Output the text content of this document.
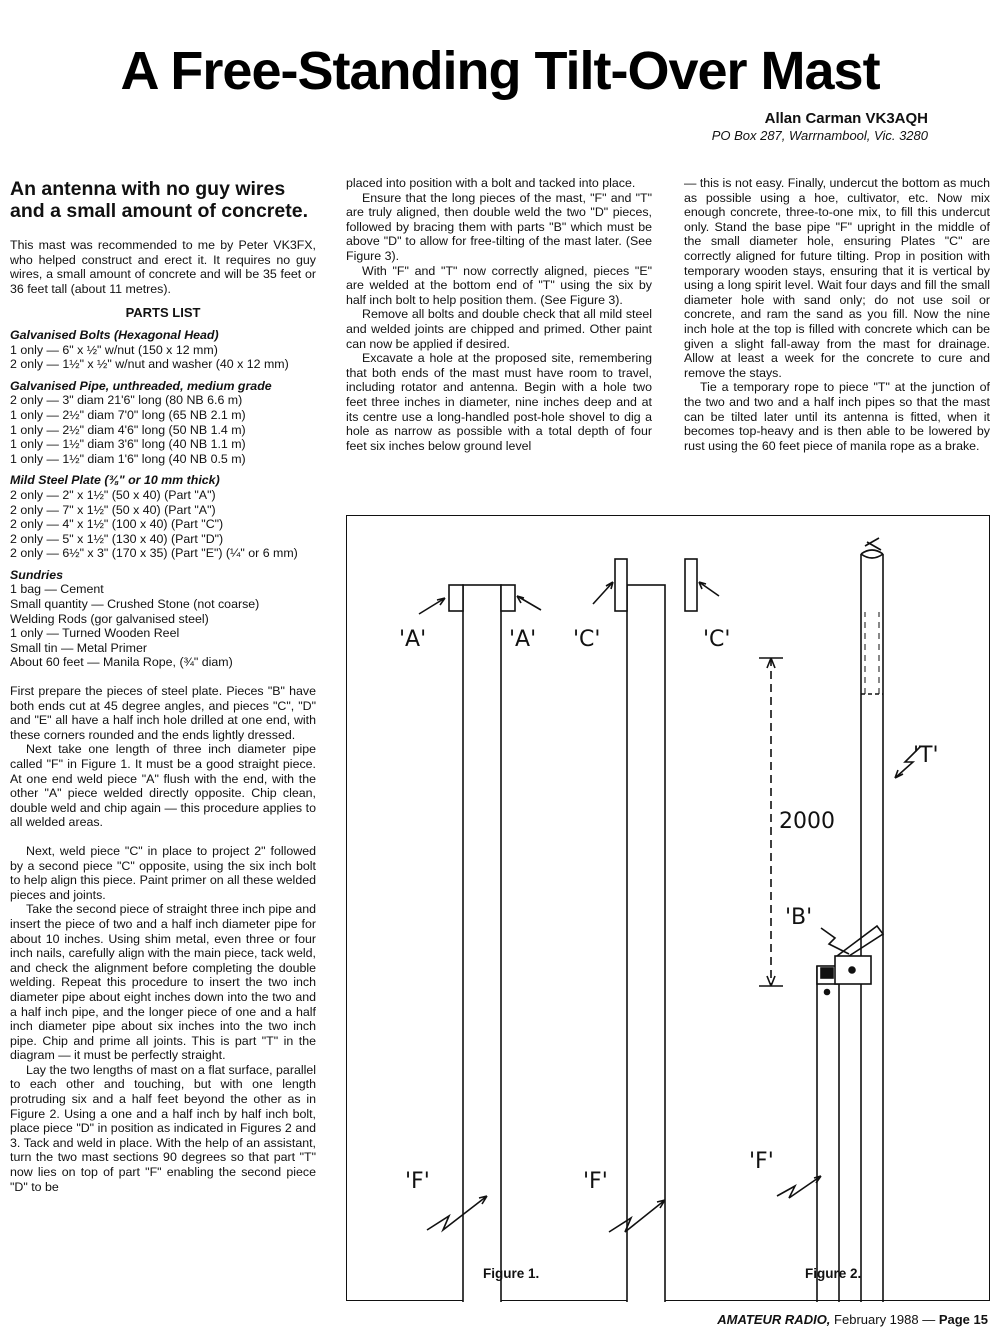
A Free-Standing Tilt-Over Mast
Allan Carman VK3AQH
PO Box 287, Warrnambool, Vic. 3280
An antenna with no guy wires and a small amount of concrete.

This mast was recommended to me by Peter VK3FX, who helped construct and erect it. It requires no guy wires, a small amount of concrete and will be 35 feet or 36 feet tall (about 11 metres).

PARTS LIST

Galvanised Bolts (Hexagonal Head)

1 only — 6" x ½" w/nut (150 x 12 mm)

2 only — 1½" x ½" w/nut and washer (40 x 12 mm)

Galvanised Pipe, unthreaded, medium grade

2 only — 3" diam 21'6" long (80 NB 6.6 m)

1 only — 2½" diam 7'0" long (65 NB 2.1 m)

1 only — 2½" diam 4'6" long (50 NB 1.4 m)

1 only — 1½" diam 3'6" long (40 NB 1.1 m)

1 only — 1½" diam 1'6" long (40 NB 0.5 m)

Mild Steel Plate (⅜" or 10 mm thick)

2 only — 2" x 1½" (50 x 40) (Part "A")

2 only — 7" x 1½" (50 x 40) (Part "A")

2 only — 4" x 1½" (100 x 40) (Part "C")

2 only — 5" x 1½" (130 x 40) (Part "D")

2 only — 6½" x 3" (170 x 35) (Part "E") (¼" or 6 mm)

Sundries

1 bag — Cement

Small quantity — Crushed Stone (not coarse)

Welding Rods (gor galvanised steel)

1 only — Turned Wooden Reel

Small tin — Metal Primer

About 60 feet — Manila Rope, (¾" diam)

First prepare the pieces of steel plate. Pieces "B" have both ends cut at 45 degree angles, and pieces "C", "D" and "E" all have a half inch hole drilled at one end, with these corners rounded and the ends lightly dressed.

Next take one length of three inch diameter pipe called "F" in Figure 1. It must be a good straight piece. At one end weld piece "A" flush with the end, with the other "A" piece welded directly opposite. Chip clean, double weld and chip again — this procedure applies to all welded areas.

Next, weld piece "C" in place to project 2" followed by a second piece "C" opposite, using the six inch bolt to help align this piece. Paint primer on all these welded pieces and joints.

Take the second piece of straight three inch pipe and insert the piece of two and a half inch diameter pipe for about 10 inches. Using shim metal, even three or four inch nails, carefully align with the main piece, tack weld, and check the alignment before completing the double welding. Repeat this procedure to insert the two inch diameter pipe about eight inches down into the two and a half inch pipe, and the longer piece of one and a half inch diameter pipe about six inches into the two inch pipe. Chip and prime all joints. This is part "T" in the diagram — it must be perfectly straight.

Lay the two lengths of mast on a flat surface, parallel to each other and touching, but with one length protruding six and a half feet beyond the other as in Figure 2. Using a one and a half inch by half inch bolt, place piece "D" in position as indicated in Figures 2 and 3. Tack and weld in place. With the help of an assistant, turn the two mast sections 90 degrees so that part "T" now lies on top of part "F" enabling the second piece "D" to be

placed into position with a bolt and tacked into place.

Ensure that the long pieces of the mast, "F" and "T" are truly aligned, then double weld the two "D" pieces, followed by bracing them with parts "B" which must be above "D" to allow for free-tilting of the mast later. (See Figure 3).

With "F" and "T" now correctly aligned, pieces "E" are welded at the bottom end of "T" using the six by half inch bolt to help position them. (See Figure 3).

Remove all bolts and double check that all mild steel and welded joints are chipped and primed. Other paint can now be applied if desired.

Excavate a hole at the proposed site, remembering that both ends of the mast must have room to travel, including rotator and antenna. Begin with a hole two feet three inches in diameter, nine inches deep and at its centre use a long-handled post-hole shovel to dig a hole as narrow as possible with a total depth of four feet six inches below ground level

— this is not easy. Finally, undercut the bottom as much as possible using a hoe, cultivator, etc. Now mix enough concrete, three-to-one mix, to fill this undercut only. Stand the base pipe "F" upright in the middle of the small diameter hole, ensuring Plates "C" are correctly aligned for future tilting. Prop in position with temporary wooden stays, ensuring that it is vertical by using a long spirit level. Wait four days and fill the small diameter hole with sand only; do not use soil or concrete, and ram the sand as you fill. Now the nine inch hole at the top is filled with concrete which can be given a slight fall-away from the mast for drainage. Allow at least a week for the concrete to cure and remove the stays.

Tie a temporary rope to piece "T" at the junction of the two and two and a half inch pipes so that the mast can be tilted later until its antenna is fitted, when it becomes top-heavy and is then able to be lowered by rust using the 60 feet piece of manila rope as a brake.

'A'	'A' 'C'	'C'
'F'	'F'
'F'
'T'
'B'
2000
Figure 1.	Figure 2.
AMATEUR RADIO, February 1988 — Page 15
